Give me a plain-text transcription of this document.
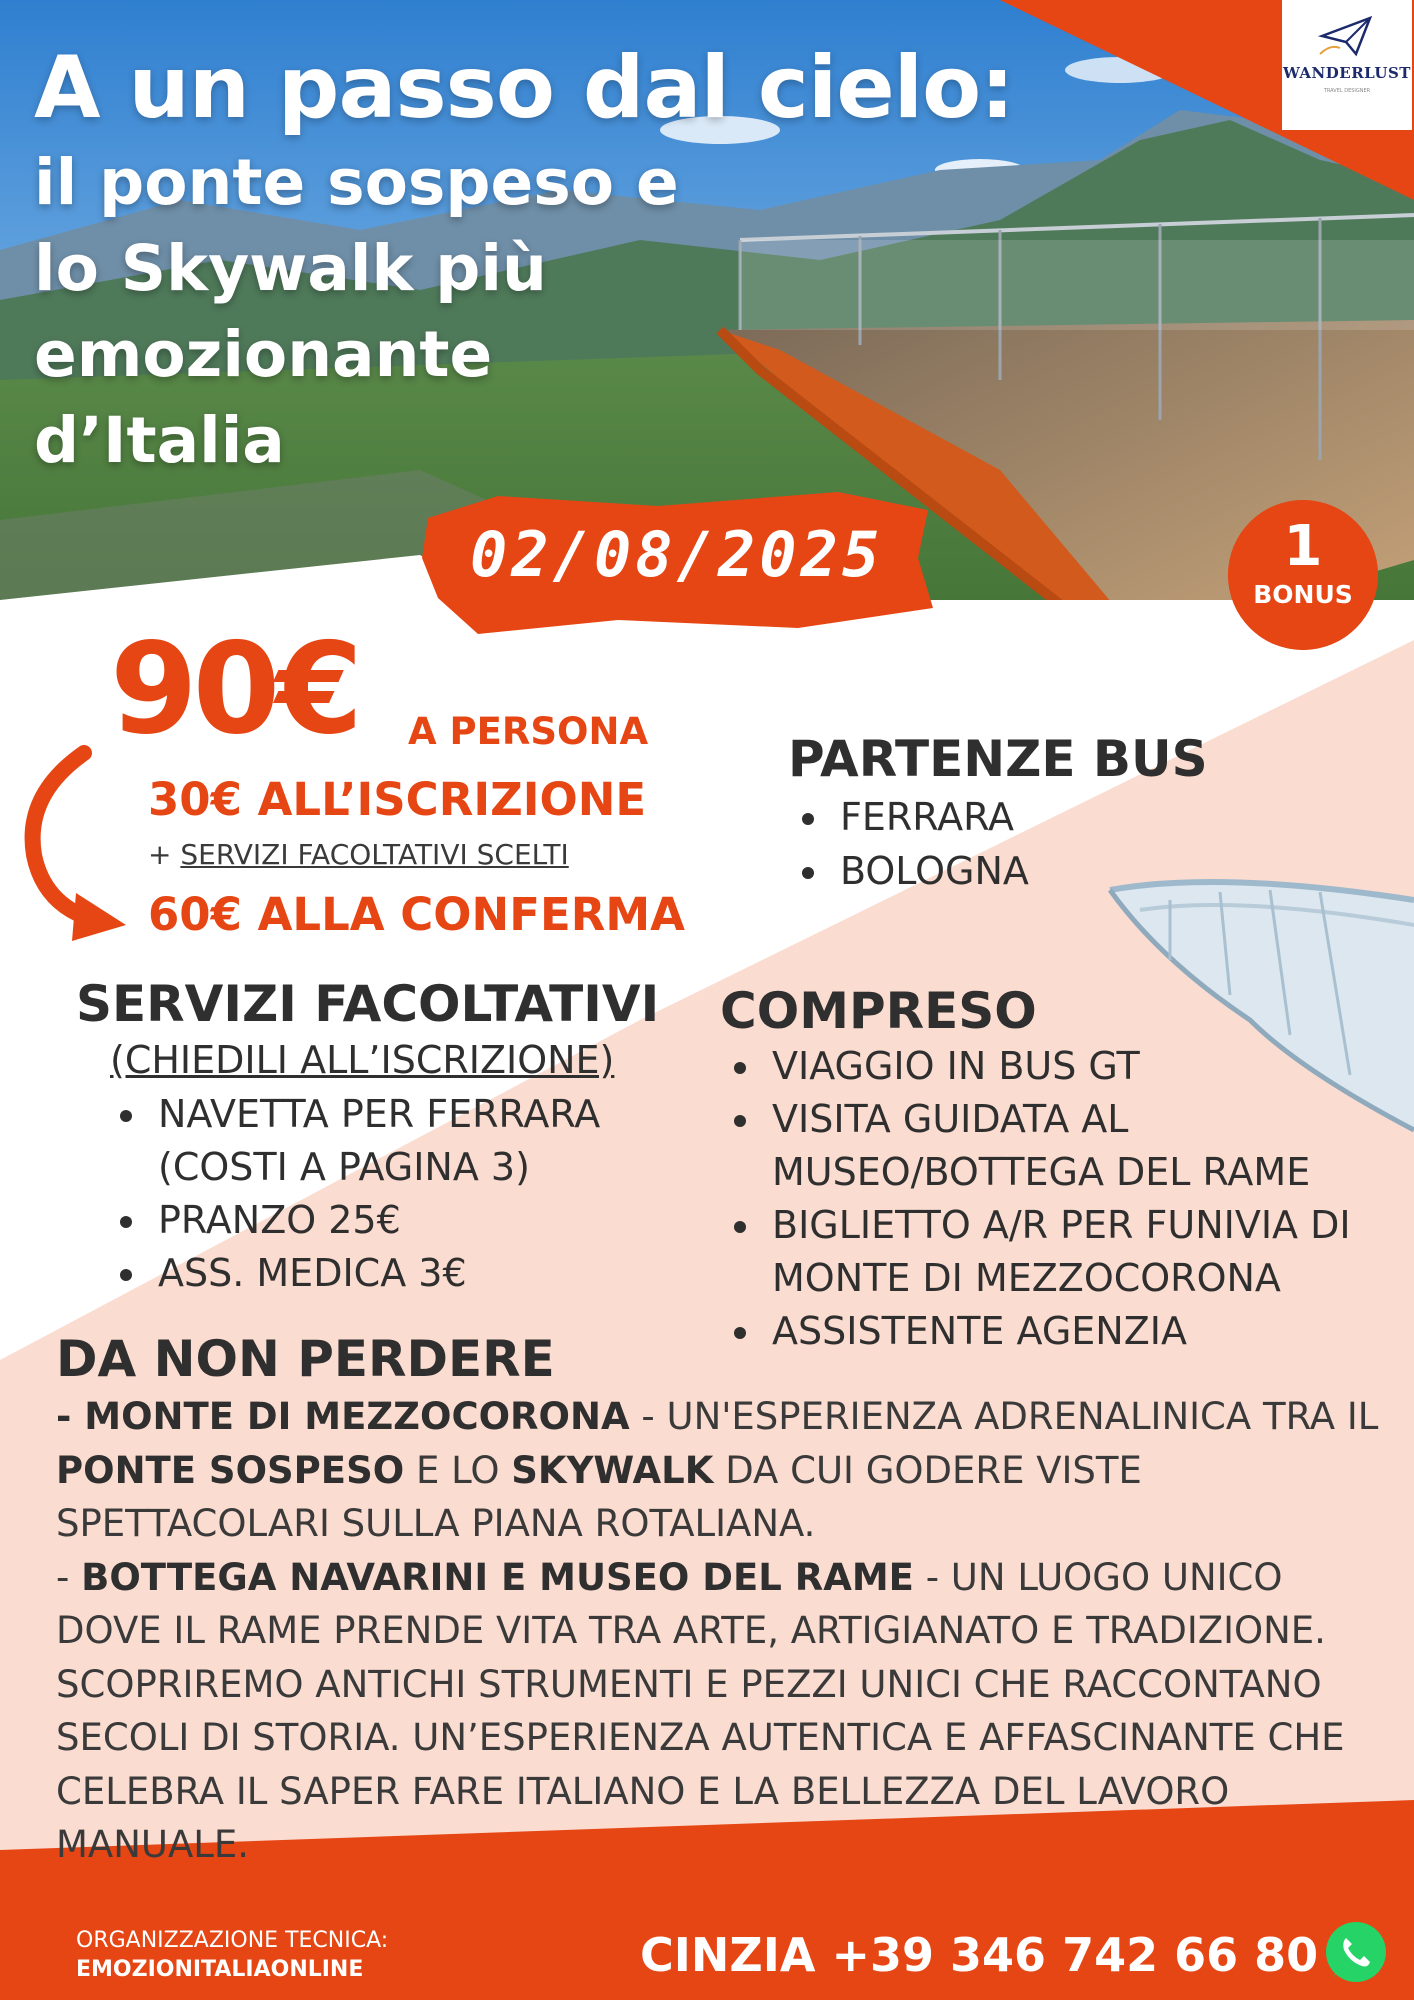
A un passo dal cielo:
il ponte sospeso e lo Skywalk più emozionante d’Italia
WANDERLUST
TRAVEL DESIGNER
02/08/2025	1
BONUS
90€ A PERSONA
30€ ALL’ISCRIZIONE
+ SERVIZI FACOLTATIVI SCELTI
60€ ALLA CONFERMA
PARTENZE BUS
• FERRARA
• BOLOGNA
SERVIZI FACOLTATIVI
(CHIEDILI ALL’ISCRIZIONE)
• NAVETTA PER FERRARA (COSTI A PAGINA 3)
• PRANZO 25€
• ASS. MEDICA 3€
COMPRESO
• VIAGGIO IN BUS GT
• VISITA GUIDATA AL MUSEO/BOTTEGA DEL RAME
• BIGLIETTO A/R PER FUNIVIA DI MONTE DI MEZZOCORONA
• ASSISTENTE AGENZIA
DA NON PERDERE
- MONTE DI MEZZOCORONA - UN'ESPERIENZA ADRENALINICA TRA IL PONTE SOSPESO E LO SKYWALK DA CUI GODERE VISTE SPETTACOLARI SULLA PIANA ROTALIANA.
- BOTTEGA NAVARINI E MUSEO DEL RAME - UN LUOGO UNICO DOVE IL RAME PRENDE VITA TRA ARTE, ARTIGIANATO E TRADIZIONE. SCOPRIREMO ANTICHI STRUMENTI E PEZZI UNICI CHE RACCONTANO SECOLI DI STORIA. UN’ESPERIENZA AUTENTICA E AFFASCINANTE CHE CELEBRA IL SAPER FARE ITALIANO E LA BELLEZZA DEL LAVORO MANUALE.
ORGANIZZAZIONE TECNICA:
EMOZIONITALIAONLINE	CINZIA +39 346 742 66 80
